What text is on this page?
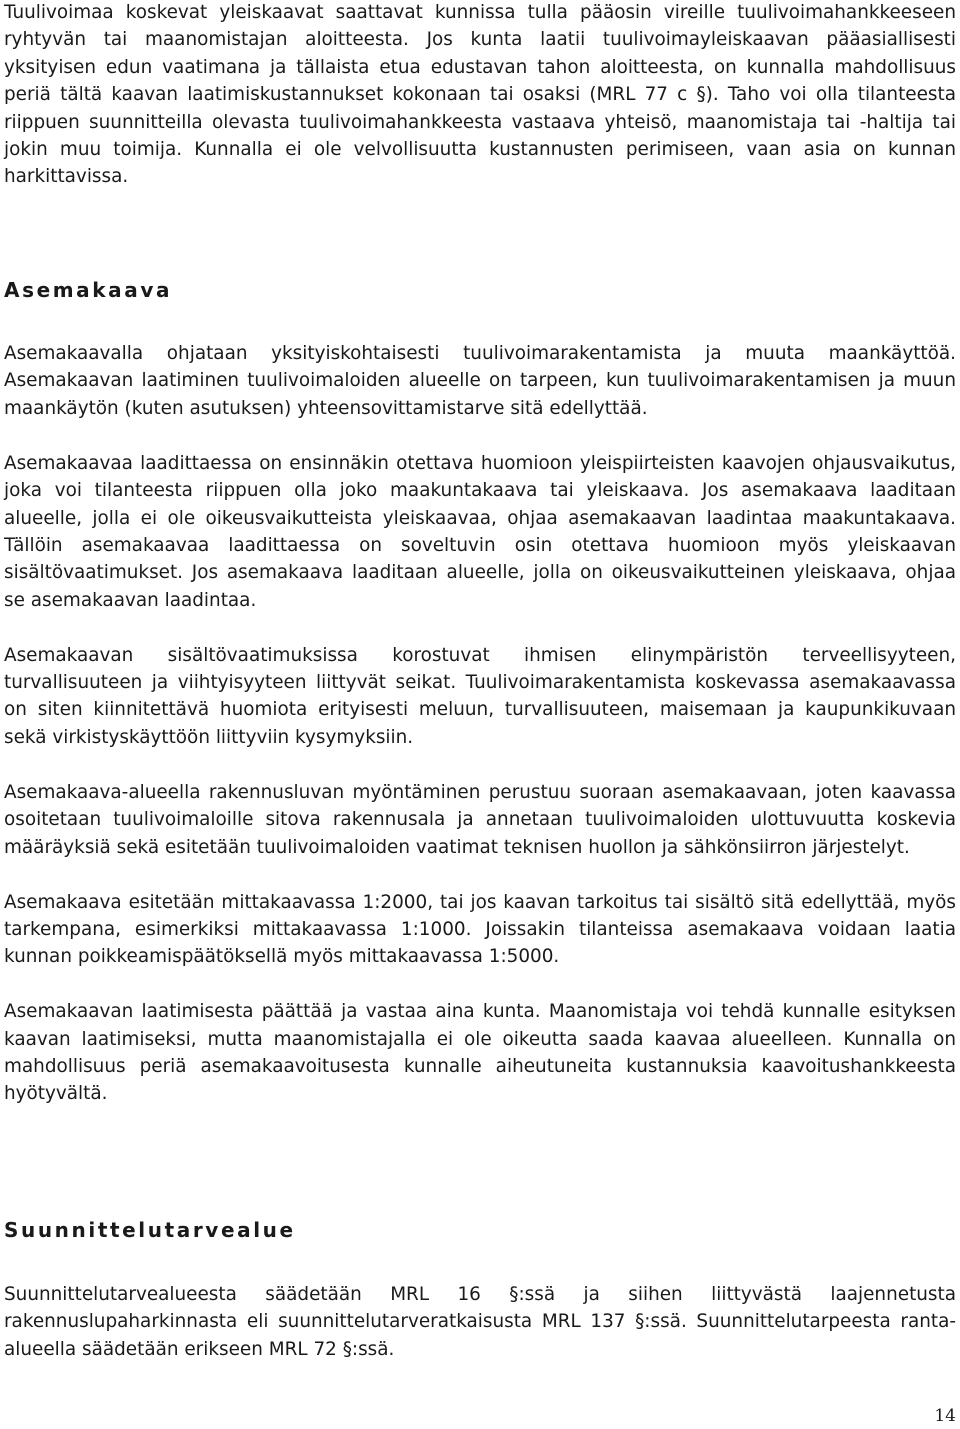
Tuulivoimaa koskevat yleiskaavat saattavat kunnissa tulla pääosin vireille tuulivoimahankkeeseen ryhtyvän tai maanomistajan aloitteesta. Jos kunta laatii tuulivoimayleiskaavan pääasiallisesti yksityisen edun vaatimana ja tällaista etua edustavan tahon aloitteesta, on kunnalla mahdollisuus periä tältä kaavan laatimiskustannukset kokonaan tai osaksi (MRL 77 c §). Taho voi olla tilanteesta riippuen suunnitteilla olevasta tuulivoimahankkeesta vastaava yhteisö, maanomistaja tai -haltija tai jokin muu toimija. Kunnalla ei ole velvollisuutta kustannusten perimiseen, vaan asia on kunnan harkittavissa.

Asemakaava

Asemakaavalla ohjataan yksityiskohtaisesti tuulivoimarakentamista ja muuta maankäyttöä. Asemakaavan laatiminen tuulivoimaloiden alueelle on tarpeen, kun tuulivoimarakentamisen ja muun maankäytön (kuten asutuksen) yhteensovittamistarve sitä edellyttää.

Asemakaavaa laadittaessa on ensinnäkin otettava huomioon yleispiirteisten kaavojen ohjausvaikutus, joka voi tilanteesta riippuen olla joko maakuntakaava tai yleiskaava. Jos asemakaava laaditaan alueelle, jolla ei ole oikeusvaikutteista yleiskaavaa, ohjaa asemakaavan laadintaa maakuntakaava. Tällöin asemakaavaa laadittaessa on soveltuvin osin otettava huomioon myös yleiskaavan sisältövaatimukset. Jos asemakaava laaditaan alueelle, jolla on oikeusvaikutteinen yleiskaava, ohjaa se asemakaavan laadintaa.

Asemakaavan sisältövaatimuksissa korostuvat ihmisen elinympäristön terveellisyyteen, turvallisuuteen ja viihtyisyyteen liittyvät seikat. Tuulivoimarakentamista koskevassa asemakaavassa on siten kiinnitettävä huomiota erityisesti meluun, turvallisuuteen, maisemaan ja kaupunkikuvaan sekä virkistyskäyttöön liittyviin kysymyksiin.

Asemakaava-alueella rakennusluvan myöntäminen perustuu suoraan asemakaavaan, joten kaavassa osoitetaan tuulivoimaloille sitova rakennusala ja annetaan tuulivoimaloiden ulottuvuutta koskevia määräyksiä sekä esitetään tuulivoimaloiden vaatimat teknisen huollon ja sähkönsiirron järjestelyt.

Asemakaava esitetään mittakaavassa 1:2000, tai jos kaavan tarkoitus tai sisältö sitä edellyttää, myös tarkempana, esimerkiksi mittakaavassa 1:1000. Joissakin tilanteissa asemakaava voidaan laatia kunnan poikkeamispäätöksellä myös mittakaavassa 1:5000.

Asemakaavan laatimisesta päättää ja vastaa aina kunta. Maanomistaja voi tehdä kunnalle esityksen kaavan laatimiseksi, mutta maanomistajalla ei ole oikeutta saada kaavaa alueelleen. Kunnalla on mahdollisuus periä asemakaavoitusesta kunnalle aiheutuneita kustannuksia kaavoitushankkeesta hyötyvältä.

Suunnittelutarvealue

Suunnittelutarvealueesta säädetään MRL 16 §:ssä ja siihen liittyvästä laajennetusta rakennuslupaharkinnasta eli suunnittelutarveratkaisusta MRL 137 §:ssä. Suunnittelutarpeesta ranta-alueella säädetään erikseen MRL 72 §:ssä.

14
